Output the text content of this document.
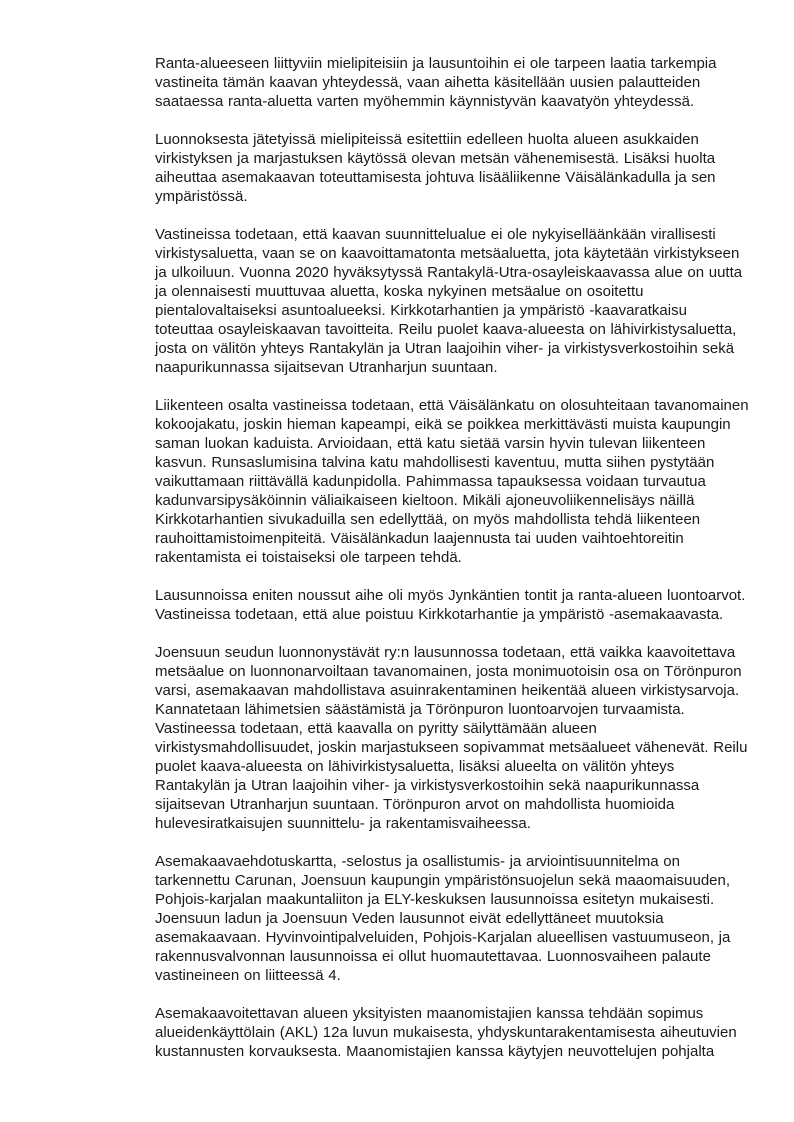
Ranta-alueeseen liittyviin mielipiteisiin ja lausuntoihin ei ole tarpeen laatia tarkempia vastineita tämän kaavan yhteydessä, vaan aihetta käsitellään uusien palautteiden saataessa ranta-aluetta varten myöhemmin käynnistyvän kaavatyön yhteydessä.

Luonnoksesta jätetyissä mielipiteissä esitettiin edelleen huolta alueen asukkaiden virkistyksen ja marjastuksen käytössä olevan metsän vähenemisestä. Lisäksi huolta aiheuttaa asemakaavan toteuttamisesta johtuva lisääliikenne Väisälänkadulla ja sen ympäristössä.

Vastineissa todetaan, että kaavan suunnittelualue ei ole nykyiselläänkään virallisesti virkistysaluetta, vaan se on kaavoittamatonta metsäaluetta, jota käytetään virkistykseen ja ulkoiluun. Vuonna 2020 hyväksytyssä Rantakylä-Utra-osayleiskaavassa alue on uutta ja olennaisesti muuttuvaa aluetta, koska nykyinen metsäalue on osoitettu pientalovaltaiseksi asuntoalueeksi. Kirkkotarhantien ja ympäristö -kaavaratkaisu toteuttaa osayleiskaavan tavoitteita. Reilu puolet kaava-alueesta on lähivirkistysaluetta, josta on välitön yhteys Rantakylän ja Utran laajoihin viher- ja virkistysverkostoihin sekä naapurikunnassa sijaitsevan Utranharjun suuntaan.

Liikenteen osalta vastineissa todetaan, että Väisälänkatu on olosuhteitaan tavanomainen kokoojakatu, joskin hieman kapeampi, eikä se poikkea merkittävästi muista kaupungin saman luokan kaduista. Arvioidaan, että katu sietää varsin hyvin tulevan liikenteen kasvun. Runsaslumisina talvina katu mahdollisesti kaventuu, mutta siihen pystytään vaikuttamaan riittävällä kadunpidolla. Pahimmassa tapauksessa voidaan turvautua kadunvarsipysäköinnin väliaikaiseen kieltoon. Mikäli ajoneuvoliikennelisäys näillä Kirkkotarhantien sivukaduilla sen edellyttää, on myös mahdollista tehdä liikenteen rauhoittamistoimenpiteitä. Väisälänkadun laajennusta tai uuden vaihtoehtoreitin rakentamista ei toistaiseksi ole tarpeen tehdä.

Lausunnoissa eniten noussut aihe oli myös Jynkäntien tontit ja ranta-alueen luontoarvot. Vastineissa todetaan, että alue poistuu Kirkkotarhantie ja ympäristö -asemakaavasta.

Joensuun seudun luonnonystävät ry:n lausunnossa todetaan, että vaikka kaavoitettava metsäalue on luonnonarvoiltaan tavanomainen, josta monimuotoisin osa on Törönpuron varsi, asemakaavan mahdollistava asuinrakentaminen heikentää alueen virkistysarvoja. Kannatetaan lähimetsien säästämistä ja Törönpuron luontoarvojen turvaamista. Vastineessa todetaan, että kaavalla on pyritty säilyttämään alueen virkistysmahdollisuudet, joskin marjastukseen sopivammat metsäalueet vähenevät. Reilu puolet kaava-alueesta on lähivirkistysaluetta, lisäksi alueelta on välitön yhteys Rantakylän ja Utran laajoihin viher- ja virkistysverkostoihin sekä naapurikunnassa sijaitsevan Utranharjun suuntaan. Törönpuron arvot on mahdollista huomioida hulevesiratkaisujen suunnittelu- ja rakentamisvaiheessa.

Asemakaavaehdotuskartta, -selostus ja osallistumis- ja arviointisuunnitelma on tarkennettu Carunan, Joensuun kaupungin ympäristönsuojelun sekä maaomaisuuden, Pohjois-karjalan maakuntaliiton ja ELY-keskuksen lausunnoissa esitetyn mukaisesti. Joensuun ladun ja Joensuun Veden lausunnot eivät edellyttäneet muutoksia asemakaavaan. Hyvinvointipalveluiden, Pohjois-Karjalan alueellisen vastuumuseon, ja rakennusvalvonnan lausunnoissa ei ollut huomautettavaa. Luonnosvaiheen palaute vastineineen on liitteessä 4.

Asemakaavoitettavan alueen yksityisten maanomistajien kanssa tehdään sopimus alueidenkäyttölain (AKL) 12a luvun mukaisesta, yhdyskuntarakentamisesta aiheutuvien kustannusten korvauksesta. Maanomistajien kanssa käytyjen neuvottelujen pohjalta
